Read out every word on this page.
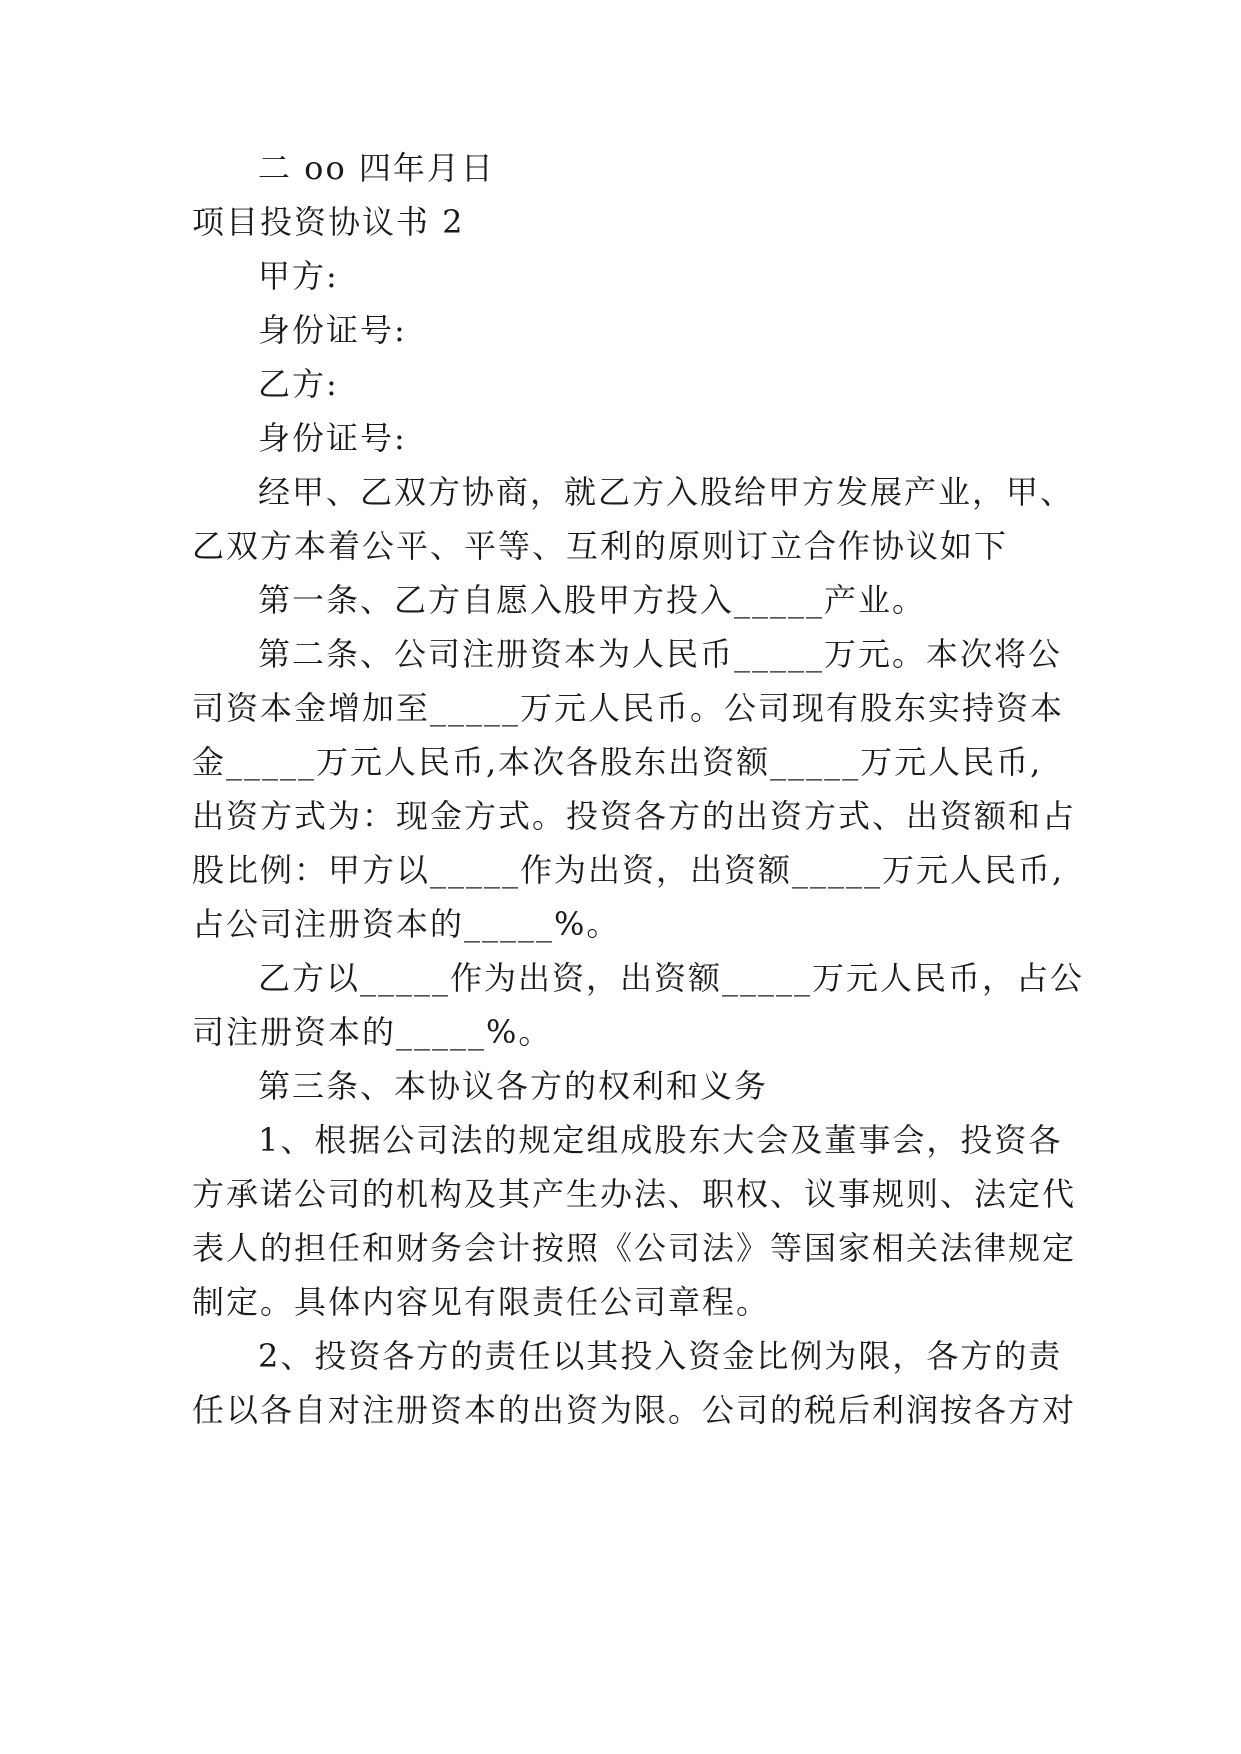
二 oo 四年月日
项目投资协议书 2
甲方:
身份证号:
乙方:
身份证号:
经甲、乙双方协商，就乙方入股给甲方发展产业，甲、
乙双方本着公平、平等、互利的原则订立合作协议如下
第一条、乙方自愿入股甲方投入_____产业。
第二条、公司注册资本为人民币_____万元。本次将公
司资本金增加至_____万元人民币。公司现有股东实持资本
金_____万元人民币,本次各股东出资额_____万元人民币,
出资方式为：现金方式。投资各方的出资方式、出资额和占
股比例：甲方以_____作为出资，出资额_____万元人民币,
占公司注册资本的_____%。
乙方以_____作为出资，出资额_____万元人民币，占公
司注册资本的_____%。
第三条、本协议各方的权利和义务
1、根据公司法的规定组成股东大会及董事会，投资各
方承诺公司的机构及其产生办法、职权、议事规则、法定代
表人的担任和财务会计按照《公司法》等国家相关法律规定
制定。具体内容见有限责任公司章程。
2、投资各方的责任以其投入资金比例为限，各方的责
任以各自对注册资本的出资为限。公司的税后利润按各方对
